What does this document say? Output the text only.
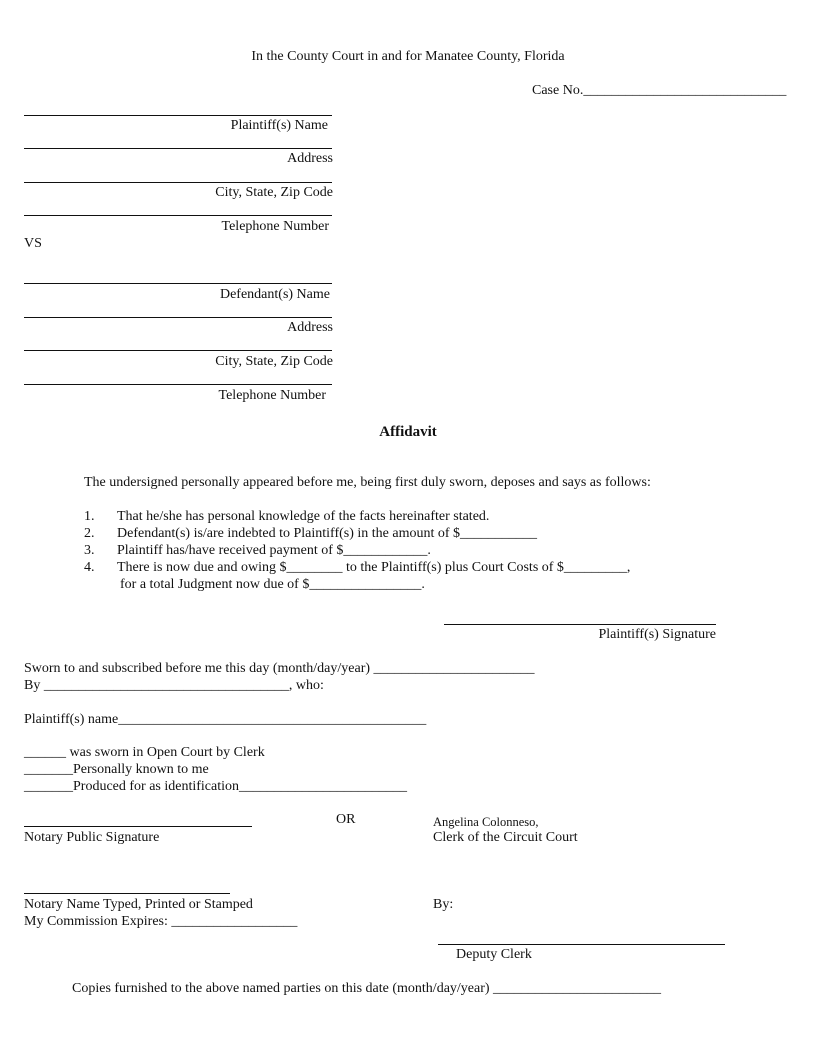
In the County Court in and for Manatee County, Florida
Case No._____________________________
Plaintiff(s) Name
Address
City, State, Zip Code
Telephone Number
VS
Defendant(s) Name
Address
City, State, Zip Code
Telephone Number
Affidavit
The undersigned personally appeared before me, being first duly sworn, deposes and says as follows:
1. That he/she has personal knowledge of the facts hereinafter stated.
2. Defendant(s) is/are indebted to Plaintiff(s) in the amount of $___________
3. Plaintiff has/have received payment of $____________.
4. There is now due and owing $________ to the Plaintiff(s) plus Court Costs of $_________,
for a total Judgment now due of $________________.
Plaintiff(s) Signature
Sworn to and subscribed before me this day (month/day/year) _______________________
By ___________________________________, who:
Plaintiff(s) name____________________________________________
______ was sworn in Open Court by Clerk
_______Personally known to me
_______Produced for as identification________________________
Notary Public Signature
OR	Angelina Colonneso,
Clerk of the Circuit Court
Notary Name Typed, Printed or Stamped
My Commission Expires: __________________
By:
Deputy Clerk
Copies furnished to the above named parties on this date (month/day/year) ________________________
